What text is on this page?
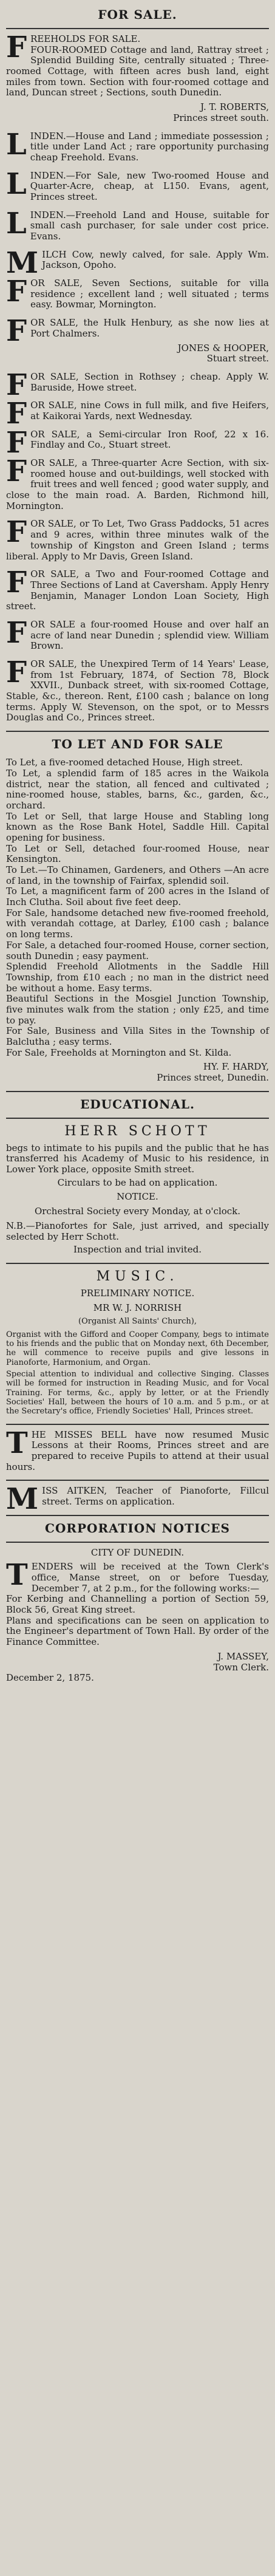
FOR SALE.
F REEHOLDS FOR SALE.
FOUR-ROOMED Cottage and land, Rattray street ; Splendid Building Site, centrally situated ; Three-roomed Cottage, with fifteen acres bush land, eight miles from town. Section with four-roomed cottage and land, Duncan street ; Sections, south Dunedin.
J. T. ROBERTS,
Princes street south.
L INDEN.—House and Land ; immediate possession ; title under Land Act ; rare opportunity purchasing cheap Freehold. Evans.
L INDEN.—For Sale, new Two-roomed House and Quarter-Acre, cheap, at L150. Evans, agent, Princes street.
L INDEN.—Freehold Land and House, suitable for small cash purchaser, for sale under cost price. Evans.
M ILCH Cow, newly calved, for sale. Apply Wm. Jackson, Opoho.
F OR SALE, Seven Sections, suitable for villa residence ; excellent land ; well situated ; terms easy. Bowmar, Mornington.
F OR SALE, the Hulk Henbury, as she now lies at Port Chalmers.
JONES & HOOPER,
Stuart street.
F OR SALE, Section in Rothsey ; cheap. Apply W. Baruside, Howe street.
F OR SALE, nine Cows in full milk, and five Heifers, at Kaikorai Yards, next Wednesday.
F OR SALE, a Semi-circular Iron Roof, 22 x 16. Findlay and Co., Stuart street.
F OR SALE, a Three-quarter Acre Section, with six-roomed house and out-buildings, well stocked with fruit trees and well fenced ; good water supply, and close to the main road. A. Barden, Richmond hill, Mornington.
F OR SALE, or To Let, Two Grass Paddocks, 51 acres and 9 acres, within three minutes walk of the township of Kingston and Green Island ; terms liberal. Apply to Mr Davis, Green Island.
F OR SALE, a Two and Four-roomed Cottage and Three Sections of Land at Caversham. Apply Henry Benjamin, Manager London Loan Society, High street.
F OR SALE a four-roomed House and over half an acre of land near Dunedin ; splendid view. William Brown.
F OR SALE, the Unexpired Term of 14 Years' Lease, from 1st February, 1874, of Section 78, Block XXVII., Dunback street, with six-roomed Cottage, Stable, &c., thereon. Rent, £100 cash ; balance on long terms. Apply W. Stevenson, on the spot, or to Messrs Douglas and Co., Princes street.
TO LET AND FOR SALE
To Let, a five-roomed detached House, High street.
To Let, a splendid farm of 185 acres in the Waikola district, near the station, all fenced and cultivated ; nine-roomed house, stables, barns, &c., garden, &c., orchard.
To Let or Sell, that large House and Stabling long known as the Rose Bank Hotel, Saddle Hill. Capital opening for business.
To Let or Sell, detached four-roomed House, near Kensington.
To Let.—To Chinamen, Gardeners, and Others —An acre of land, in the township of Fairfax, splendid soil.
To Let, a magnificent farm of 200 acres in the Island of Inch Clutha. Soil about five feet deep.
For Sale, handsome detached new five-roomed freehold, with verandah cottage, at Darley, £100 cash ; balance on long terms.
For Sale, a detached four-roomed House, corner section, south Dunedin ; easy payment.
Splendid Freehold Allotments in the Saddle Hill Township, from £10 each ; no man in the district need be without a home. Easy terms.
Beautiful Sections in the Mosgiel Junction Township, five minutes walk from the station ; only £25, and time to pay.
For Sale, Business and Villa Sites in the Township of Balclutha ; easy terms.
For Sale, Freeholds at Mornington and St. Kilda.
HY. F. HARDY,
Princes street, Dunedin.
EDUCATIONAL.
HERR SCHOTT
begs to intimate to his pupils and the public that he has transferred his Academy of Music to his residence, in Lower York place, opposite Smith street.
Circulars to be had on application.
NOTICE.
Orchestral Society every Monday, at o'clock.
N.B.—Pianofortes for Sale, just arrived, and specially selected by Herr Schott.
Inspection and trial invited.
MUSIC.
PRELIMINARY NOTICE.
MR W. J. NORRISH
(Organist All Saints' Church),
Organist with the Gifford and Cooper Company, begs to intimate to his friends and the public that on Monday next, 6th December, he will commence to receive pupils and give lessons in Pianoforte, Harmonium, and Organ.
Special attention to individual and collective Singing. Classes will be formed for instruction in Reading Music, and for Vocal Training. For terms, &c., apply by letter, or at the Friendly Societies' Hall, between the hours of 10 a.m. and 5 p.m., or at the Secretary's office, Friendly Societies' Hall, Princes street.
T HE MISSES BELL have now resumed Music Lessons at their Rooms, Princes street and are prepared to receive Pupils to attend at their usual hours.
M ISS AITKEN, Teacher of Pianoforte, Fillcul street. Terms on application.
CORPORATION NOTICES
CITY OF DUNEDIN.
T ENDERS will be received at the Town Clerk's office, Manse street, on or before Tuesday, December 7, at 2 p.m., for the following works:—
For Kerbing and Channelling a portion of Section 59, Block 56, Great King street.
Plans and specifications can be seen on application to the Engineer's department of Town Hall. By order of the Finance Committee.
J. MASSEY,
Town Clerk.
December 2, 1875.
